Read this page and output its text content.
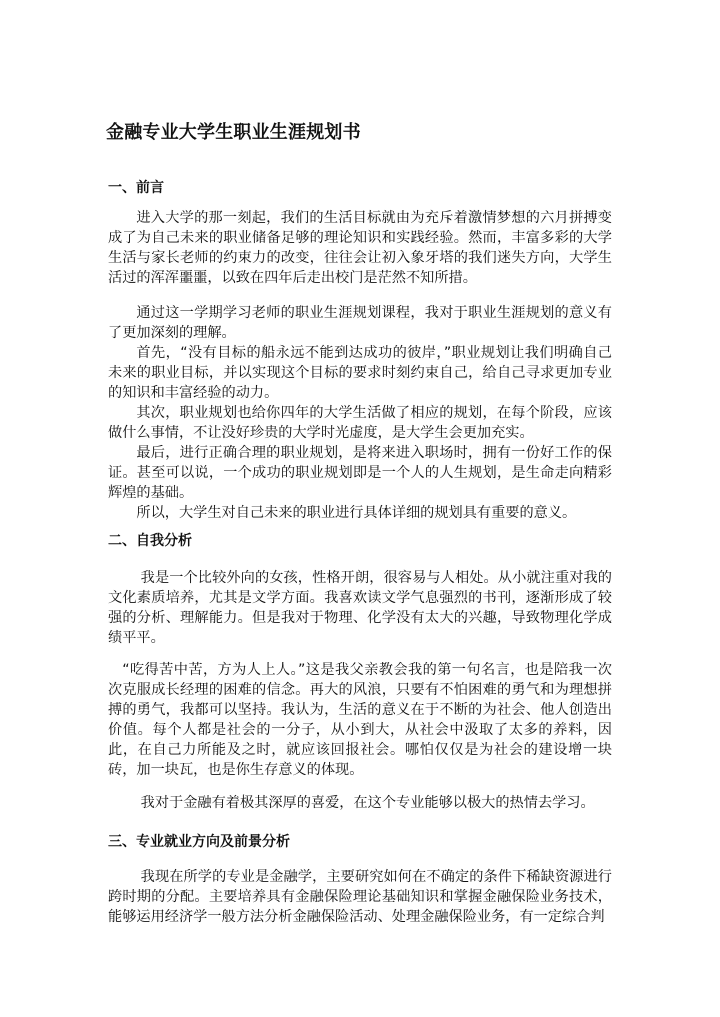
金融专业大学生职业生涯规划书
一、前言

进入大学的那一刻起，我们的生活目标就由为充斥着激情梦想的六月拼搏变成了为自己未来的职业储备足够的理论知识和实践经验。然而，丰富多彩的大学生活与家长老师的约束力的改变，往往会让初入象牙塔的我们迷失方向，大学生活过的浑浑噩噩，以致在四年后走出校门是茫然不知所措。

通过这一学期学习老师的职业生涯规划课程，我对于职业生涯规划的意义有了更加深刻的理解。

首先，“没有目标的船永远不能到达成功的彼岸，”职业规划让我们明确自己未来的职业目标，并以实现这个目标的要求时刻约束自己，给自己寻求更加专业的知识和丰富经验的动力。

其次，职业规划也给你四年的大学生活做了相应的规划，在每个阶段，应该做什么事情，不让没好珍贵的大学时光虚度，是大学生会更加充实。

最后，进行正确合理的职业规划，是将来进入职场时，拥有一份好工作的保证。甚至可以说，一个成功的职业规划即是一个人的人生规划，是生命走向精彩辉煌的基础。

所以，大学生对自己未来的职业进行具体详细的规划具有重要的意义。

二、自我分析

我是一个比较外向的女孩，性格开朗，很容易与人相处。从小就注重对我的文化素质培养，尤其是文学方面。我喜欢读文学气息强烈的书刊，逐渐形成了较强的分析、理解能力。但是我对于物理、化学没有太大的兴趣，导致物理化学成绩平平。

“吃得苦中苦，方为人上人。”这是我父亲教会我的第一句名言，也是陪我一次次克服成长经理的困难的信念。再大的风浪，只要有不怕困难的勇气和为理想拼搏的勇气，我都可以坚持。我认为，生活的意义在于不断的为社会、他人创造出价值。每个人都是社会的一分子，从小到大，从社会中汲取了太多的养料，因此，在自己力所能及之时，就应该回报社会。哪怕仅仅是为社会的建设增一块砖，加一块瓦，也是你生存意义的体现。

我对于金融有着极其深厚的喜爱，在这个专业能够以极大的热情去学习。

三、专业就业方向及前景分析

我现在所学的专业是金融学，主要研究如何在不确定的条件下稀缺资源进行跨时期的分配。主要培养具有金融保险理论基础知识和掌握金融保险业务技术，能够运用经济学一般方法分析金融保险活动、处理金融保险业务，有一定综合判
